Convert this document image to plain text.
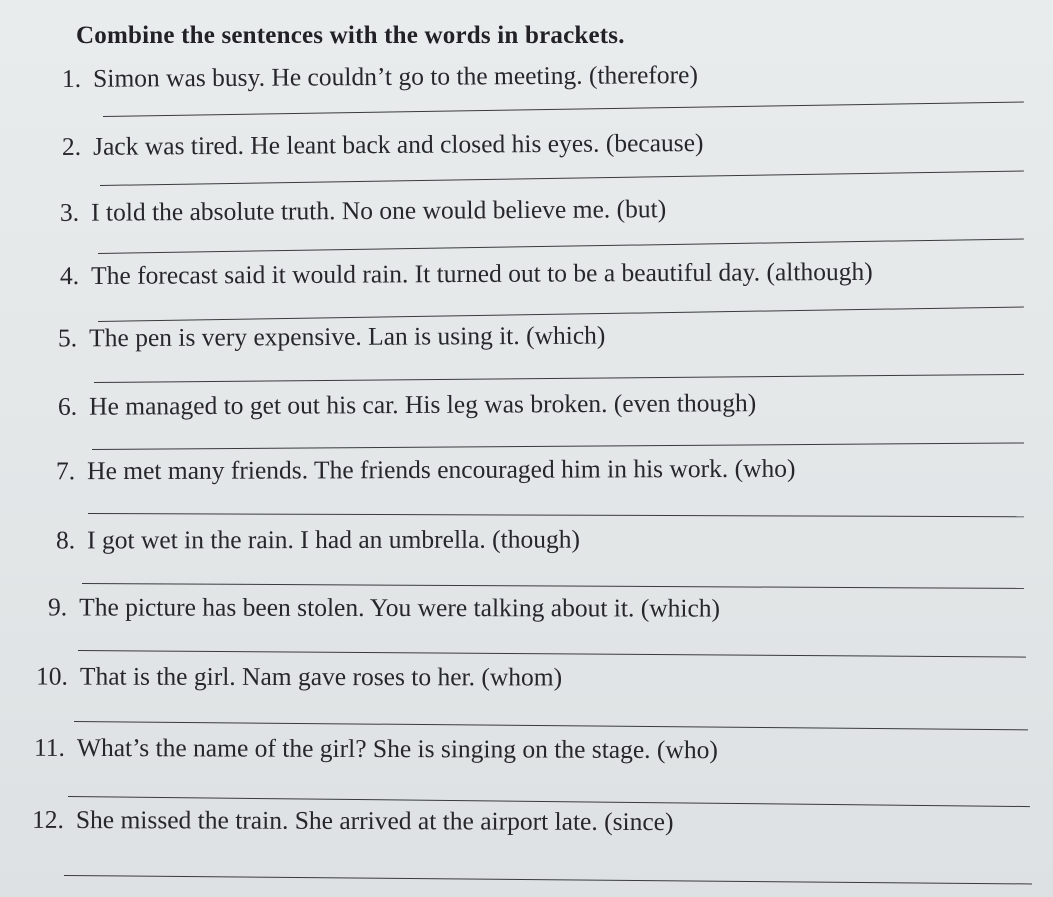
Combine the sentences with the words in brackets.
1. Simon was busy. He couldn’t go to the meeting. (therefore)
2. Jack was tired. He leant back and closed his eyes. (because)
3. I told the absolute truth. No one would believe me. (but)
4. The forecast said it would rain. It turned out to be a beautiful day. (although)
5. The pen is very expensive. Lan is using it. (which)
6. He managed to get out his car. His leg was broken. (even though)
7. He met many friends. The friends encouraged him in his work. (who)
8. I got wet in the rain. I had an umbrella. (though)
9. The picture has been stolen. You were talking about it. (which)
10. That is the girl. Nam gave roses to her. (whom)
11. What’s the name of the girl? She is singing on the stage. (who)
12. She missed the train. She arrived at the airport late. (since)
